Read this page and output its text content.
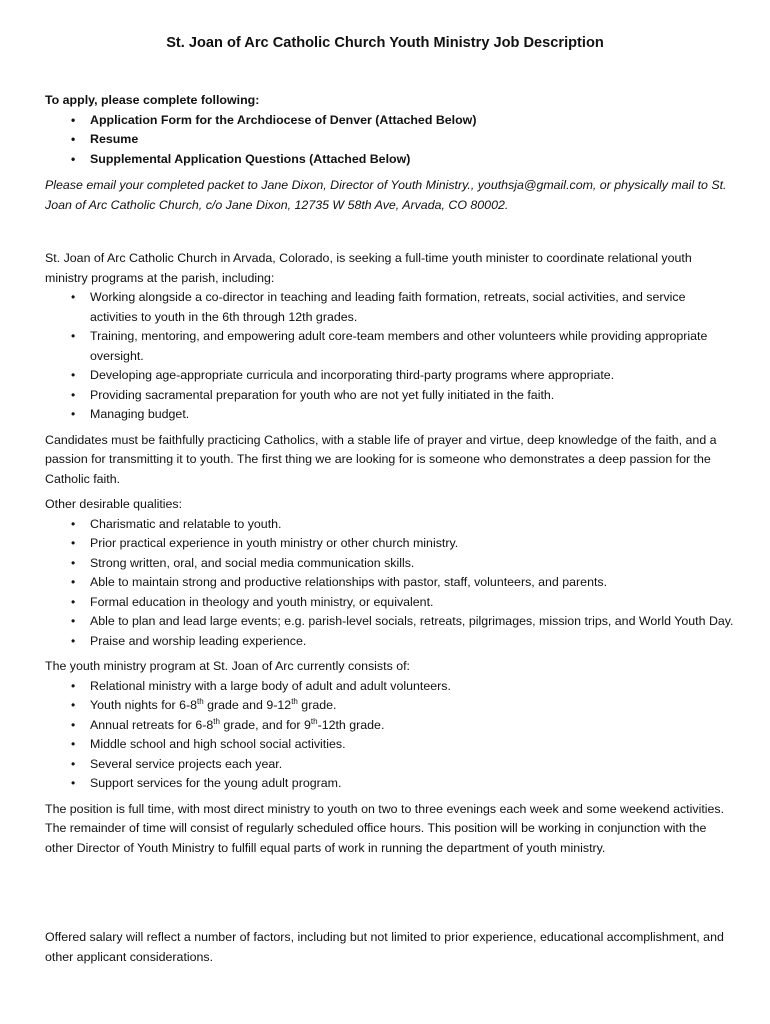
St. Joan of Arc Catholic Church Youth Ministry Job Description
To apply, please complete following:
• Application Form for the Archdiocese of Denver (Attached Below)
• Resume
• Supplemental Application Questions (Attached Below)
Please email your completed packet to Jane Dixon, Director of Youth Ministry., youthsja@gmail.com, or physically mail to St. Joan of Arc Catholic Church, c/o Jane Dixon, 12735 W 58th Ave, Arvada, CO 80002.

St. Joan of Arc Catholic Church in Arvada, Colorado, is seeking a full-time youth minister to coordinate relational youth ministry programs at the parish, including:

• Working alongside a co-director in teaching and leading faith formation, retreats, social activities, and service activities to youth in the 6th through 12th grades.
• Training, mentoring, and empowering adult core-team members and other volunteers while providing appropriate oversight.
• Developing age-appropriate curricula and incorporating third-party programs where appropriate.
• Providing sacramental preparation for youth who are not yet fully initiated in the faith.
• Managing budget.

Candidates must be faithfully practicing Catholics, with a stable life of prayer and virtue, deep knowledge of the faith, and a passion for transmitting it to youth. The first thing we are looking for is someone who demonstrates a deep passion for the Catholic faith.

Other desirable qualities:

• Charismatic and relatable to youth.
• Prior practical experience in youth ministry or other church ministry.
• Strong written, oral, and social media communication skills.
• Able to maintain strong and productive relationships with pastor, staff, volunteers, and parents.
• Formal education in theology and youth ministry, or equivalent.
• Able to plan and lead large events; e.g. parish-level socials, retreats, pilgrimages, mission trips, and World Youth Day.
• Praise and worship leading experience.

The youth ministry program at St. Joan of Arc currently consists of:

• Relational ministry with a large body of adult and adult volunteers.
• Youth nights for 6-8th grade and 9-12th grade.
• Annual retreats for 6-8th grade, and for 9th-12th grade.
• Middle school and high school social activities.
• Several service projects each year.
• Support services for the young adult program.

The position is full time, with most direct ministry to youth on two to three evenings each week and some weekend activities. The remainder of time will consist of regularly scheduled office hours. This position will be working in conjunction with the other Director of Youth Ministry to fulfill equal parts of work in running the department of youth ministry.

Offered salary will reflect a number of factors, including but not limited to prior experience, educational accomplishment, and other applicant considerations.
